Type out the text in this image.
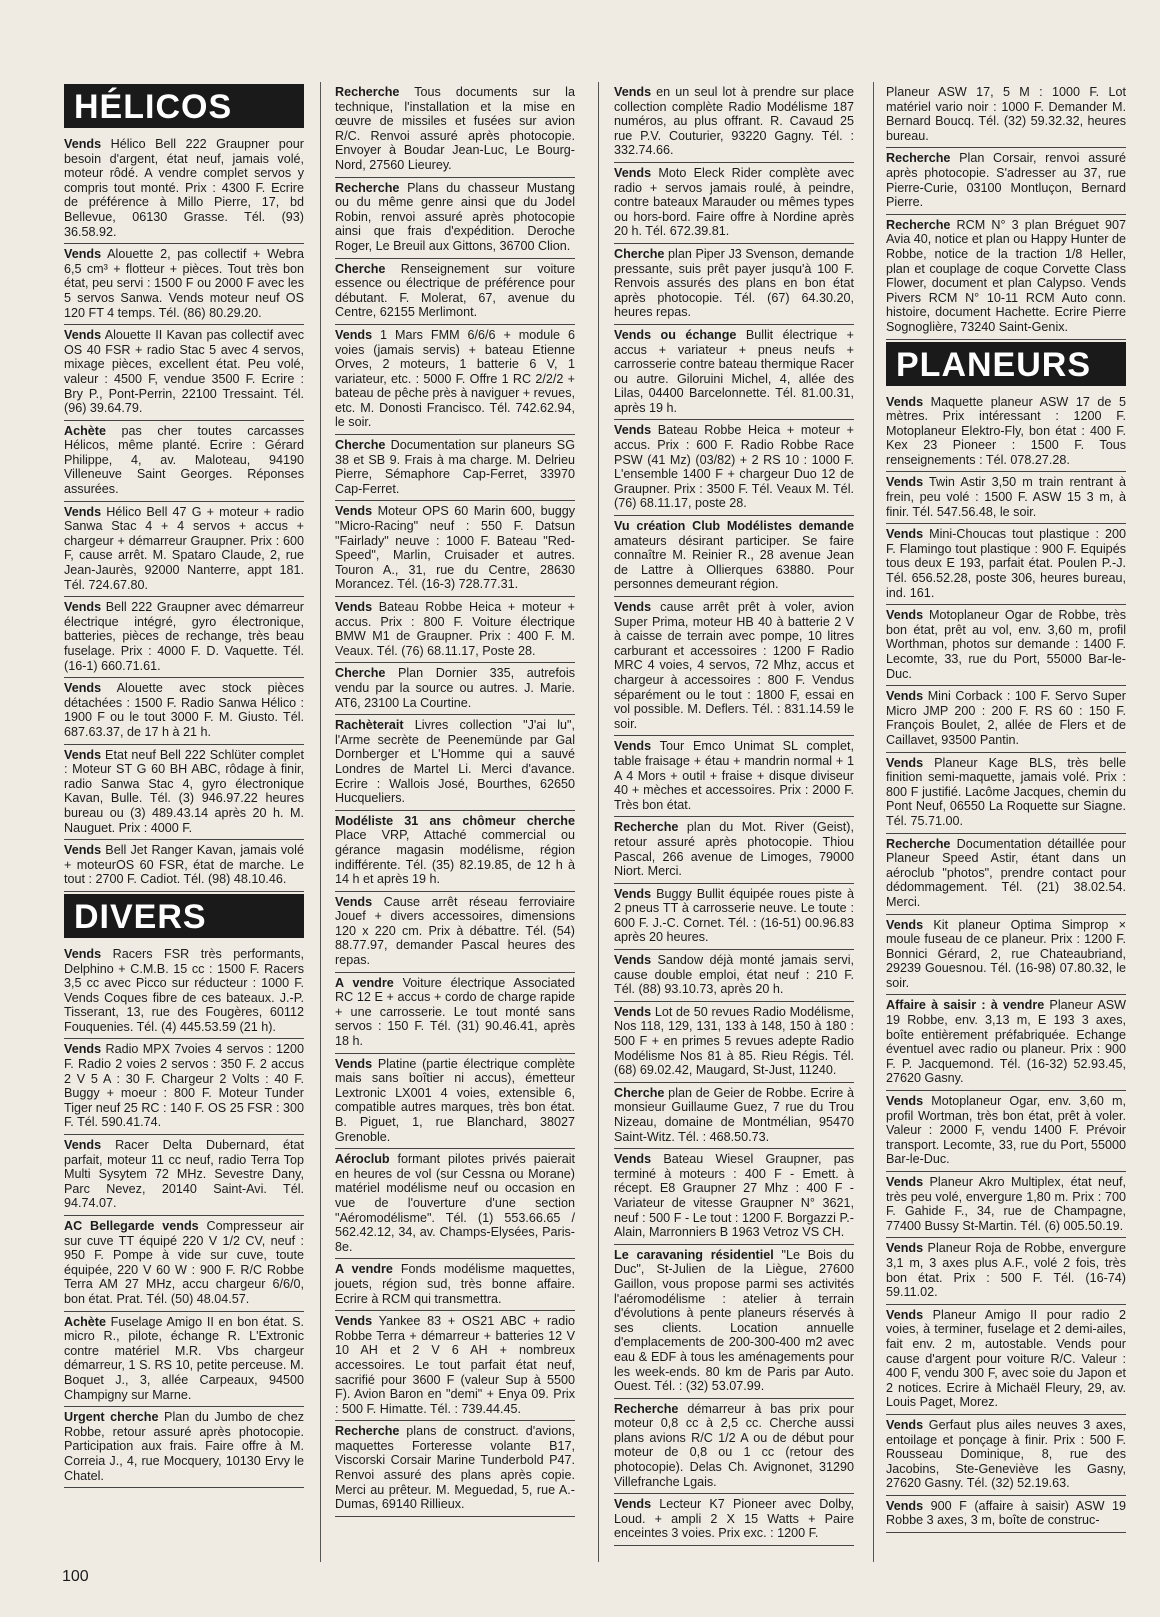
HÉLICOS
Vends Hélico Bell 222 Graupner pour besoin d'argent, état neuf, jamais volé, moteur rôdé. A vendre complet servos y compris tout monté. Prix : 4300 F. Ecrire de préférence à Millo Pierre, 17, bd Bellevue, 06130 Grasse. Tél. (93) 36.58.92.
Vends Alouette 2, pas collectif + Webra 6,5 cm³ + flotteur + pièces. Tout très bon état, peu servi : 1500 F ou 2000 F avec les 5 servos Sanwa. Vends moteur neuf OS 120 FT 4 temps. Tél. (86) 80.29.20.
Vends Alouette II Kavan pas collectif avec OS 40 FSR + radio Stac 5 avec 4 servos, mixage pièces, excellent état. Peu volé, valeur : 4500 F, vendue 3500 F. Ecrire : Bry P., Pont-Perrin, 22100 Tressaint. Tél. (96) 39.64.79.
Achète pas cher toutes carcasses Hélicos, même planté. Ecrire : Gérard Philippe, 4, av. Maloteau, 94190 Villeneuve Saint Georges. Réponses assurées.
Vends Hélico Bell 47 G + moteur + radio Sanwa Stac 4 + 4 servos + accus + chargeur + démarreur Graupner. Prix : 600 F, cause arrêt. M. Spataro Claude, 2, rue Jean-Jaurès, 92000 Nanterre, appt 181. Tél. 724.67.80.
Vends Bell 222 Graupner avec démarreur électrique intégré, gyro électronique, batteries, pièces de rechange, très beau fuselage. Prix : 4000 F. D. Vaquette. Tél. (16-1) 660.71.61.
Vends Alouette avec stock pièces détachées : 1500 F. Radio Sanwa Hélico : 1900 F ou le tout 3000 F. M. Giusto. Tél. 687.63.37, de 17 h à 21 h.
Vends Etat neuf Bell 222 Schlüter complet : Moteur ST G 60 BH ABC, rôdage à finir, radio Sanwa Stac 4, gyro électronique Kavan, Bulle. Tél. (3) 946.97.22 heures bureau ou (3) 489.43.14 après 20 h. M. Nauguet. Prix : 4000 F.
Vends Bell Jet Ranger Kavan, jamais volé + moteurOS 60 FSR, état de marche. Le tout : 2700 F. Cadiot. Tél. (98) 48.10.46.
DIVERS
Vends Racers FSR très performants, Delphino + C.M.B. 15 cc : 1500 F. Racers 3,5 cc avec Picco sur réducteur : 1000 F. Vends Coques fibre de ces bateaux. J.-P. Tisserant, 13, rue des Fougères, 60112 Fouquenies. Tél. (4) 445.53.59 (21 h).
Vends Radio MPX 7voies 4 servos : 1200 F. Radio 2 voies 2 servos : 350 F. 2 accus 2 V 5 A : 30 F. Chargeur 2 Volts : 40 F. Buggy + moeur : 800 F. Moteur Tunder Tiger neuf 25 RC : 140 F. OS 25 FSR : 300 F. Tél. 590.41.74.
Vends Racer Delta Dubernard, état parfait, moteur 11 cc neuf, radio Terra Top Multi Sysytem 72 MHz. Sevestre Dany, Parc Nevez, 20140 Saint-Avi. Tél. 94.74.07.
AC Bellegarde vends Compresseur air sur cuve TT équipé 220 V 1/2 CV, neuf : 950 F. Pompe à vide sur cuve, toute équipée, 220 V 60 W : 900 F. R/C Robbe Terra AM 27 MHz, accu chargeur 6/6/0, bon état. Prat. Tél. (50) 48.04.57.
Achète Fuselage Amigo II en bon état. S. micro R., pilote, échange R. L'Extronic contre matériel M.R. Vbs chargeur démarreur, 1 S. RS 10, petite perceuse. M. Boquet J., 3, allée Carpeaux, 94500 Champigny sur Marne.
Urgent cherche Plan du Jumbo de chez Robbe, retour assuré après photocopie. Participation aux frais. Faire offre à M. Correia J., 4, rue Mocquery, 10130 Ervy le Chatel.
Recherche Tous documents sur la technique, l'installation et la mise en œuvre de missiles et fusées sur avion R/C. Renvoi assuré après photocopie. Envoyer à Boudar Jean-Luc, Le Bourg-Nord, 27560 Lieurey.
Recherche Plans du chasseur Mustang ou du même genre ainsi que du Jodel Robin, renvoi assuré après photocopie ainsi que frais d'expédition. Deroche Roger, Le Breuil aux Gittons, 36700 Clion.
Cherche Renseignement sur voiture essence ou électrique de préférence pour débutant. F. Molerat, 67, avenue du Centre, 62155 Merlimont.
Vends 1 Mars FMM 6/6/6 + module 6 voies (jamais servis) + bateau Etienne Orves, 2 moteurs, 1 batterie 6 V, 1 variateur, etc. : 5000 F. Offre 1 RC 2/2/2 + bateau de pêche près à naviguer + revues, etc. M. Donosti Francisco. Tél. 742.62.94, le soir.
Cherche Documentation sur planeurs SG 38 et SB 9. Frais à ma charge. M. Delrieu Pierre, Sémaphore Cap-Ferret, 33970 Cap-Ferret.
Vends Moteur OPS 60 Marin 600, buggy "Micro-Racing" neuf : 550 F. Datsun "Fairlady" neuve : 1000 F. Bateau "Red-Speed", Marlin, Cruisader et autres. Touron A., 31, rue du Centre, 28630 Morancez. Tél. (16-3) 728.77.31.
Vends Bateau Robbe Heica + moteur + accus. Prix : 800 F. Voiture électrique BMW M1 de Graupner. Prix : 400 F. M. Veaux. Tél. (76) 68.11.17, Poste 28.
Cherche Plan Dornier 335, autrefois vendu par la source ou autres. J. Marie. AT6, 23100 La Courtine.
Rachèterait Livres collection "J'ai lu", l'Arme secrète de Peenemünde par Gal Dornberger et L'Homme qui a sauvé Londres de Martel Li. Merci d'avance. Ecrire : Wallois José, Bourthes, 62650 Hucqueliers.
Modéliste 31 ans chômeur cherche Place VRP, Attaché commercial ou gérance magasin modélisme, région indifférente. Tél. (35) 82.19.85, de 12 h à 14 h et après 19 h.
Vends Cause arrêt réseau ferroviaire Jouef + divers accessoires, dimensions 120 x 220 cm. Prix à débattre. Tél. (54) 88.77.97, demander Pascal heures des repas.
A vendre Voiture électrique Associated RC 12 E + accus + cordo de charge rapide + une carrosserie. Le tout monté sans servos : 150 F. Tél. (31) 90.46.41, après 18 h.
Vends Platine (partie électrique complète mais sans boîtier ni accus), émetteur Lextronic LX001 4 voies, extensible 6, compatible autres marques, très bon état. B. Piguet, 1, rue Blanchard, 38027 Grenoble.
Aéroclub formant pilotes privés paierait en heures de vol (sur Cessna ou Morane) matériel modélisme neuf ou occasion en vue de l'ouverture d'une section "Aéromodélisme". Tél. (1) 553.66.65 / 562.42.12, 34, av. Champs-Elysées, Paris-8e.
A vendre Fonds modélisme maquettes, jouets, région sud, très bonne affaire. Ecrire à RCM qui transmettra.
Vends Yankee 83 + OS21 ABC + radio Robbe Terra + démarreur + batteries 12 V 10 AH et 2 V 6 AH + nombreux accessoires. Le tout parfait état neuf, sacrifié pour 3600 F (valeur Sup à 5500 F). Avion Baron en "demi" + Enya 09. Prix : 500 F. Himatte. Tél. : 739.44.45.
Recherche plans de construct. d'avions, maquettes Forteresse volante B17, Viscorski Corsair Marine Tunderbold P47. Renvoi assuré des plans après copie. Merci au prêteur. M. Meguedad, 5, rue A.-Dumas, 69140 Rillieux.
Vends en un seul lot à prendre sur place collection complète Radio Modélisme 187 numéros, au plus offrant. R. Cavaud 25 rue P.V. Couturier, 93220 Gagny. Tél. : 332.74.66.
Vends Moto Eleck Rider complète avec radio + servos jamais roulé, à peindre, contre bateaux Marauder ou mêmes types ou hors-bord. Faire offre à Nordine après 20 h. Tél. 672.39.81.
Cherche plan Piper J3 Svenson, demande pressante, suis prêt payer jusqu'à 100 F. Renvois assurés des plans en bon état après photocopie. Tél. (67) 64.30.20, heures repas.
Vends ou échange Bullit électrique + accus + variateur + pneus neufs + carrosserie contre bateau thermique Racer ou autre. Giloruini Michel, 4, allée des Lilas, 04400 Barcelonnette. Tél. 81.00.31, après 19 h.
Vends Bateau Robbe Heica + moteur + accus. Prix : 600 F. Radio Robbe Race PSW (41 Mz) (03/82) + 2 RS 10 : 1000 F. L'ensemble 1400 F + chargeur Duo 12 de Graupner. Prix : 3500 F. Tél. Veaux M. Tél. (76) 68.11.17, poste 28.
Vu création Club Modélistes demande amateurs désirant participer. Se faire connaître M. Reinier R., 28 avenue Jean de Lattre à Ollierques 63880. Pour personnes demeurant région.
Vends cause arrêt prêt à voler, avion Super Prima, moteur HB 40 à batterie 2 V à caisse de terrain avec pompe, 10 litres carburant et accessoires : 1200 F Radio MRC 4 voies, 4 servos, 72 Mhz, accus et chargeur à accessoires : 800 F. Vendus séparément ou le tout : 1800 F, essai en vol possible. M. Deflers. Tél. : 831.14.59 le soir.
Vends Tour Emco Unimat SL complet, table fraisage + étau + mandrin normal + 1 A 4 Mors + outil + fraise + disque diviseur 40 + mèches et accessoires. Prix : 2000 F. Très bon état.
Recherche plan du Mot. River (Geist), retour assuré après photocopie. Thiou Pascal, 266 avenue de Limoges, 79000 Niort. Merci.
Vends Buggy Bullit équipée roues piste à 2 pneus TT à carrosserie neuve. Le toute : 600 F. J.-C. Cornet. Tél. : (16-51) 00.96.83 après 20 heures.
Vends Sandow déjà monté jamais servi, cause double emploi, état neuf : 210 F. Tél. (88) 93.10.73, après 20 h.
Vends Lot de 50 revues Radio Modélisme, Nos 118, 129, 131, 133 à 148, 150 à 180 : 500 F + en primes 5 revues adepte Radio Modélisme Nos 81 à 85. Rieu Régis. Tél. (68) 69.02.42, Maugard, St-Just, 11240.
Cherche plan de Geier de Robbe. Ecrire à monsieur Guillaume Guez, 7 rue du Trou Nizeau, domaine de Montmélian, 95470 Saint-Witz. Tél. : 468.50.73.
Vends Bateau Wiesel Graupner, pas terminé à moteurs : 400 F - Emett. à récept. E8 Graupner 27 Mhz : 400 F - Variateur de vitesse Graupner N° 3621, neuf : 500 F - Le tout : 1200 F. Borgazzi P.-Alain, Marronniers B 1963 Vetroz VS CH.
Le caravaning résidentiel "Le Bois du Duc", St-Julien de la Liègue, 27600 Gaillon, vous propose parmi ses activités l'aéromodélisme : atelier à terrain d'évolutions à pente planeurs réservés à ses clients. Location annuelle d'emplacements de 200-300-400 m2 avec eau & EDF à tous les aménagements pour les week-ends. 80 km de Paris par Auto. Ouest. Tél. : (32) 53.07.99.
Recherche démarreur à bas prix pour moteur 0,8 cc à 2,5 cc. Cherche aussi plans avions R/C 1/2 A ou de début pour moteur de 0,8 ou 1 cc (retour des photocopie). Delas Ch. Avignonet, 31290 Villefranche Lgais.
Vends Lecteur K7 Pioneer avec Dolby, Loud. + ampli 2 X 15 Watts + Paire enceintes 3 voies. Prix exc. : 1200 F.
Planeur ASW 17, 5 M : 1000 F. Lot matériel vario noir : 1000 F. Demander M. Bernard Boucq. Tél. (32) 59.32.32, heures bureau.
Recherche Plan Corsair, renvoi assuré après photocopie. S'adresser au 37, rue Pierre-Curie, 03100 Montluçon, Bernard Pierre.
Recherche RCM N° 3 plan Bréguet 907 Avia 40, notice et plan ou Happy Hunter de Robbe, notice de la traction 1/8 Heller, plan et couplage de coque Corvette Class Flower, document et plan Calypso. Vends Pivers RCM N° 10-11 RCM Auto conn. histoire, document Hachette. Ecrire Pierre Sognoglière, 73240 Saint-Genix.
PLANEURS
Vends Maquette planeur ASW 17 de 5 mètres. Prix intéressant : 1200 F. Motoplaneur Elektro-Fly, bon état : 400 F. Kex 23 Pioneer : 1500 F. Tous renseignements : Tél. 078.27.28.
Vends Twin Astir 3,50 m train rentrant à frein, peu volé : 1500 F. ASW 15 3 m, à finir. Tél. 547.56.48, le soir.
Vends Mini-Choucas tout plastique : 200 F. Flamingo tout plastique : 900 F. Equipés tous deux E 193, parfait état. Poulen P.-J. Tél. 656.52.28, poste 306, heures bureau, ind. 161.
Vends Motoplaneur Ogar de Robbe, très bon état, prêt au vol, env. 3,60 m, profil Worthman, photos sur demande : 1400 F. Lecomte, 33, rue du Port, 55000 Bar-le-Duc.
Vends Mini Corback : 100 F. Servo Super Micro JMP 200 : 200 F. RS 60 : 150 F. François Boulet, 2, allée de Flers et de Caillavet, 93500 Pantin.
Vends Planeur Kage BLS, très belle finition semi-maquette, jamais volé. Prix : 800 F justifié. Lacôme Jacques, chemin du Pont Neuf, 06550 La Roquette sur Siagne. Tél. 75.71.00.
Recherche Documentation détaillée pour Planeur Speed Astir, étant dans un aéroclub "photos", prendre contact pour dédommagement. Tél. (21) 38.02.54. Merci.
Vends Kit planeur Optima Simprop × moule fuseau de ce planeur. Prix : 1200 F. Bonnici Gérard, 2, rue Chateaubriand, 29239 Gouesnou. Tél. (16-98) 07.80.32, le soir.
Affaire à saisir : à vendre Planeur ASW 19 Robbe, env. 3,13 m, E 193 3 axes, boîte entièrement préfabriquée. Echange éventuel avec radio ou planeur. Prix : 900 F. P. Jacquemond. Tél. (16-32) 52.93.45, 27620 Gasny.
Vends Motoplaneur Ogar, env. 3,60 m, profil Wortman, très bon état, prêt à voler. Valeur : 2000 F, vendu 1400 F. Prévoir transport. Lecomte, 33, rue du Port, 55000 Bar-le-Duc.
Vends Planeur Akro Multiplex, état neuf, très peu volé, envergure 1,80 m. Prix : 700 F. Gahide F., 34, rue de Champagne, 77400 Bussy St-Martin. Tél. (6) 005.50.19.
Vends Planeur Roja de Robbe, envergure 3,1 m, 3 axes plus A.F., volé 2 fois, très bon état. Prix : 500 F. Tél. (16-74) 59.11.02.
Vends Planeur Amigo II pour radio 2 voies, à terminer, fuselage et 2 demi-ailes, fait env. 2 m, autostable. Vends pour cause d'argent pour voiture R/C. Valeur : 400 F, vendu 300 F, avec soie du Japon et 2 notices. Ecrire à Michaël Fleury, 29, av. Louis Paget, Morez.
Vends Gerfaut plus ailes neuves 3 axes, entoilage et ponçage à finir. Prix : 500 F. Rousseau Dominique, 8, rue des Jacobins, Ste-Geneviève les Gasny, 27620 Gasny. Tél. (32) 52.19.63.
Vends 900 F (affaire à saisir) ASW 19 Robbe 3 axes, 3 m, boîte de construc-
100
